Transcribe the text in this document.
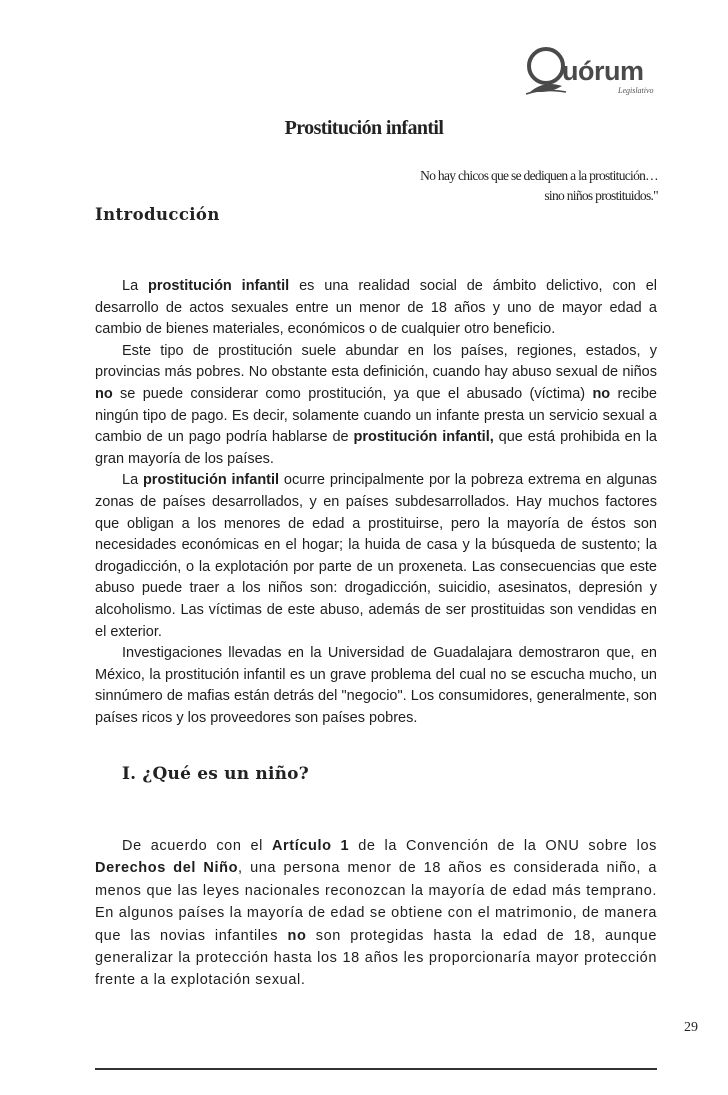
uórum
Legislativo
Prostitución infantil
No hay chicos que se dediquen a la prostitución…
sino niños prostituidos."
Introducción

La prostitución infantil es una realidad social de ámbito delictivo, con el desarrollo de actos sexuales entre un menor de 18 años y uno de mayor edad a cambio de bienes materiales, económicos o de cualquier otro beneficio.

Este tipo de prostitución suele abundar en los países, regiones, estados, y provincias más pobres. No obstante esta definición, cuando hay abuso sexual de niños no se puede considerar como prostitución, ya que el abusado (víctima) no recibe ningún tipo de pago. Es decir, solamente cuando un infante presta un servicio sexual a cambio de un pago podría hablarse de prostitución infantil, que está prohibida en la gran mayoría de los países.

La prostitución infantil ocurre principalmente por la pobreza extrema en algunas zonas de países desarrollados, y en países subdesarrollados. Hay muchos factores que obligan a los menores de edad a prostituirse, pero la mayoría de éstos son necesidades económicas en el hogar; la huida de casa y la búsqueda de sustento; la drogadicción, o la explotación por parte de un proxeneta. Las consecuencias que este abuso puede traer a los niños son: drogadicción, suicidio, asesinatos, depresión y alcoholismo. Las víctimas de este abuso, además de ser prostituidas son vendidas en el exterior.

Investigaciones llevadas en la Universidad de Guadalajara demostraron que, en México, la prostitución infantil es un grave problema del cual no se escucha mucho, un sinnúmero de mafias están detrás del "negocio". Los consumidores, generalmente, son países ricos y los proveedores son países pobres.

I. ¿Qué es un niño?

De acuerdo con el Artículo 1 de la Convención de la ONU sobre los Derechos del Niño, una persona menor de 18 años es considerada niño, a menos que las leyes nacionales reconozcan la mayoría de edad más temprano. En algunos países la mayoría de edad se obtiene con el matrimonio, de manera que las novias infantiles no son protegidas hasta la edad de 18, aunque generalizar la protección hasta los 18 años les proporcionaría mayor protección frente a la explotación sexual.

29
